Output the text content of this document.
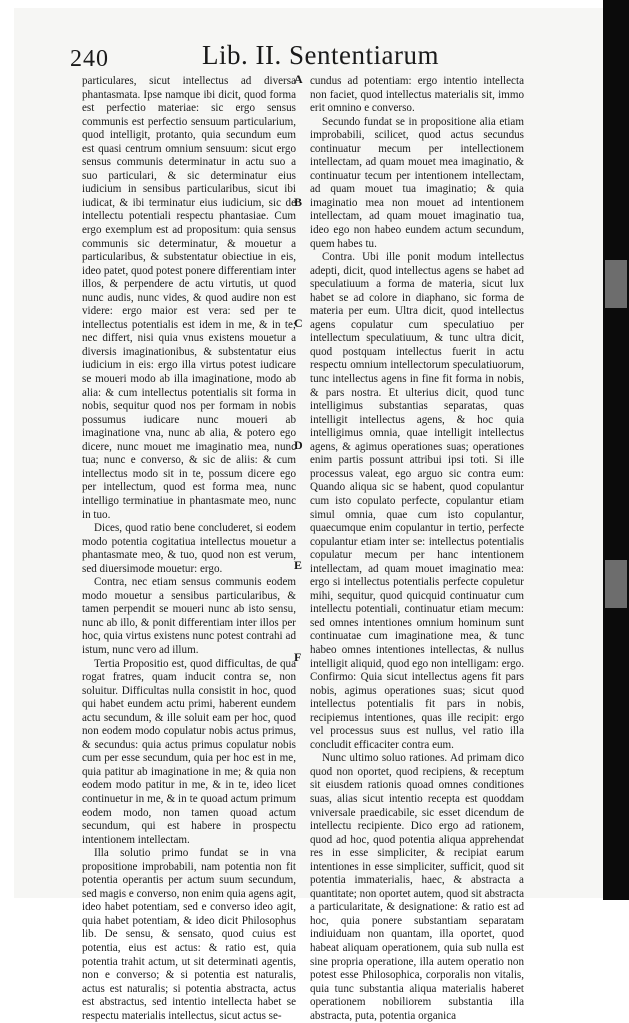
240	Lib. II. Sententiarum
A
B
C
D
E
F

particulares, sicut intellectus ad diversa phantasmata. Ipse namque ibi dicit, quod forma est perfectio materiae: sic ergo sensus communis est perfectio sensuum particularium, quod intelligit, protanto, quia secundum eum est quasi centrum omnium sensuum: sicut ergo sensus communis determinatur in actu suo a suo particulari, & sic determinatur eius iudicium in sensibus particularibus, sicut ibi iudicat, & ibi terminatur eius iudicium, sic de intellectu potentiali respectu phantasiae. Cum ergo exemplum est ad propositum: quia sensus communis sic determinatur, & mouetur a particularibus, & substentatur obiectiue in eis, ideo patet, quod potest ponere differentiam inter illos, & perpendere de actu virtutis, ut quod nunc audis, nunc vides, & quod audire non est videre: ergo maior est vera: sed per te intellectus potentialis est idem in me, & in te; nec differt, nisi quia vnus existens mouetur a diversis imaginationibus, & substentatur eius iudicium in eis: ergo illa virtus potest iudicare se moueri modo ab illa imaginatione, modo ab alia: & cum intellectus potentialis sit forma in nobis, sequitur quod nos per formam in nobis possumus iudicare nunc moueri ab imaginatione vna, nunc ab alia, & potero ego dicere, nunc mouet me imaginatio mea, nunc tua; nunc e converso, & sic de aliis: & cum intellectus modo sit in te, possum dicere ego per intellectum, quod est forma mea, nunc intelligo terminatiue in phantasmate meo, nunc in tuo.

Dices, quod ratio bene concluderet, si eodem modo potentia cogitatiua intellectus mouetur a phantasmate meo, & tuo, quod non est verum, sed diuersimode mouetur: ergo.

Contra, nec etiam sensus communis eodem modo mouetur a sensibus particularibus, & tamen perpendit se moueri nunc ab isto sensu, nunc ab illo, & ponit differentiam inter illos per hoc, quia virtus existens nunc potest contrahi ad istum, nunc vero ad illum.

Tertia Propositio est, quod difficultas, de qua rogat fratres, quam inducit contra se, non soluitur. Difficultas nulla consistit in hoc, quod qui habet eundem actu primi, haberent eundem actu secundum, & ille soluit eam per hoc, quod non eodem modo copulatur nobis actus primus, & secundus: quia actus primus copulatur nobis cum per esse secundum, quia per hoc est in me, quia patitur ab imaginatione in me; & quia non eodem modo patitur in me, & in te, ideo licet continuetur in me, & in te quoad actum primum eodem modo, non tamen quoad actum secundum, qui est habere in prospectu intentionem intellectam.

Illa solutio primo fundat se in vna propositione improbabili, nam potentia non fit potentia operantis per actum suum secundum, sed magis e converso, non enim quia agens agit, ideo habet potentiam, sed e converso ideo agit, quia habet potentiam, & ideo dicit Philosophus lib. De sensu, & sensato, quod cuius est potentia, eius est actus: & ratio est, quia potentia trahit actum, ut sit determinati agentis, non e converso; & si potentia est naturalis, actus est naturalis; si potentia abstracta, actus est abstractus, sed intentio intellecta habet se respectu materialis intellectus, sicut actus se-

cundus ad potentiam: ergo intentio intellecta non faciet, quod intellectus materialis sit, immo erit omnino e converso.

Secundo fundat se in propositione alia etiam improbabili, scilicet, quod actus secundus continuatur mecum per intellectionem intellectam, ad quam mouet mea imaginatio, & continuatur tecum per intentionem intellectam, ad quam mouet tua imaginatio; & quia imaginatio mea non mouet ad intentionem intellectam, ad quam mouet imaginatio tua, ideo ego non habeo eundem actum secundum, quem habes tu.

Contra. Ubi ille ponit modum intellectus adepti, dicit, quod intellectus agens se habet ad speculatiuum a forma de materia, sicut lux habet se ad colore in diaphano, sic forma de materia per eum. Ultra dicit, quod intellectus agens copulatur cum speculatiuo per intellectum speculatiuum, & tunc ultra dicit, quod postquam intellectus fuerit in actu respectu omnium intellectorum speculatiuorum, tunc intellectus agens in fine fit forma in nobis, & pars nostra. Et ulterius dicit, quod tunc intelligimus substantias separatas, quas intelligit intellectus agens, & hoc quia intelligimus omnia, quae intelligit intellectus agens, & agimus operationes suas; operationes enim partis possunt attribui ipsi toti. Si ille processus valeat, ego arguo sic contra eum: Quando aliqua sic se habent, quod copulantur cum isto copulato perfecte, copulantur etiam simul omnia, quae cum isto copulantur, quaecumque enim copulantur in tertio, perfecte copulantur etiam inter se: intellectus potentialis copulatur mecum per hanc intentionem intellectam, ad quam mouet imaginatio mea: ergo si intellectus potentialis perfecte copuletur mihi, sequitur, quod quicquid continuatur cum intellectu potentiali, continuatur etiam mecum: sed omnes intentiones omnium hominum sunt continuatae cum imaginatione mea, & tunc habeo omnes intentiones intellectas, & nullus intelligit aliquid, quod ego non intelligam: ergo. Confirmo: Quia sicut intellectus agens fit pars nobis, agimus operationes suas; sicut quod intellectus potentialis fit pars in nobis, recipiemus intentiones, quas ille recipit: ergo vel processus suus est nullus, vel ratio illa concludit efficaciter contra eum.

Nunc ultimo soluo rationes. Ad primam dico quod non oportet, quod recipiens, & receptum sit eiusdem rationis quoad omnes conditiones suas, alias sicut intentio recepta est quoddam vniversale praedicabile, sic esset dicendum de intellectu recipiente. Dico ergo ad rationem, quod ad hoc, quod potentia aliqua apprehendat res in esse simpliciter, & recipiat earum intentiones in esse simpliciter, sufficit, quod sit potentia immaterialis, haec, & abstracta a quantitate; non oportet autem, quod sit abstracta a particularitate, & designatione: & ratio est ad hoc, quia ponere substantiam separatam indiuiduam non quantam, illa oportet, quod habeat aliquam operationem, quia sub nulla est sine propria operatione, illa autem operatio non potest esse Philosophica, corporalis non vitalis, quia tunc substantia aliqua materialis haberet operationem nobiliorem substantia illa abstracta, puta, potentia organica
